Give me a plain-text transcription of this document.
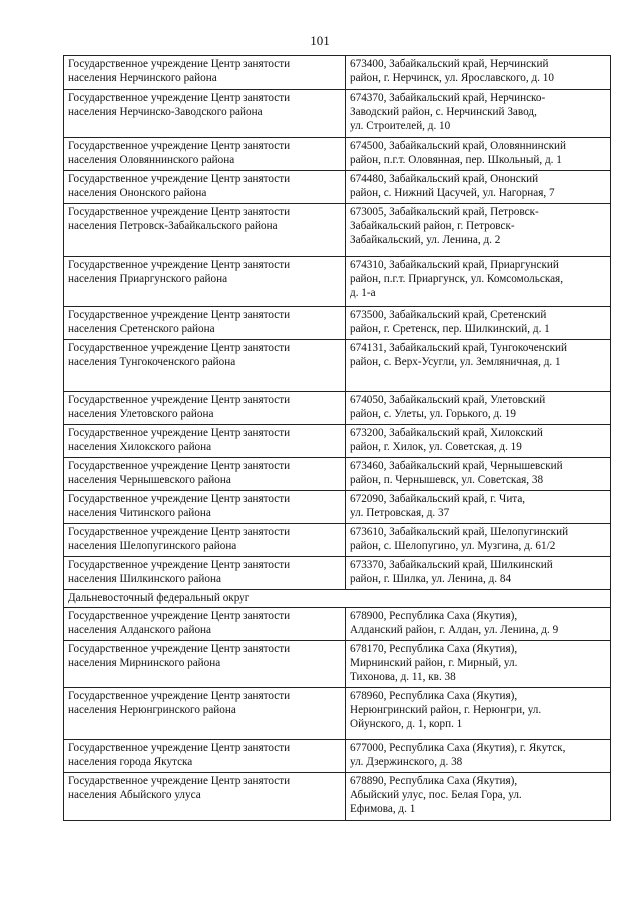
101
Государственное учреждение Центр занятости
населения Нерчинского района	673400, Забайкальский край, Нерчинский
район, г. Нерчинск, ул. Ярославского, д. 10

Государственное учреждение Центр занятости
населения Нерчинско-Заводского района	674370, Забайкальский край, Нерчинско-
Заводский район, с. Нерчинский Завод,
ул. Строителей, д. 10

Государственное учреждение Центр занятости
населения Оловяннинского района	674500, Забайкальский край, Оловяннинский
район, п.г.т. Оловянная, пер. Школьный, д. 1

Государственное учреждение Центр занятости
населения Ононского района	674480, Забайкальский край, Ононский
район, с. Нижний Цасучей, ул. Нагорная, 7

Государственное учреждение Центр занятости
населения Петровск-Забайкальского района	673005, Забайкальский край, Петровск-
Забайкальский район, г. Петровск-
Забайкальский, ул. Ленина, д. 2

Государственное учреждение Центр занятости
населения Приаргунского района	674310, Забайкальский край, Приаргунский
район, п.г.т. Приаргунск, ул. Комсомольская,
д. 1-а

Государственное учреждение Центр занятости
населения Сретенского района	673500, Забайкальский край, Сретенский
район, г. Сретенск, пер. Шилкинский, д. 1

Государственное учреждение Центр занятости
населения Тунгокоченского района	674131, Забайкальский край, Тунгокоченский
район, с. Верх-Усугли, ул. Земляничная, д. 1

Государственное учреждение Центр занятости
населения Улетовского района	674050, Забайкальский край, Улетовский
район, с. Улеты, ул. Горького, д. 19

Государственное учреждение Центр занятости
населения Хилокского района	673200, Забайкальский край, Хилокский
район, г. Хилок, ул. Советская, д. 19

Государственное учреждение Центр занятости
населения Чернышевского района	673460, Забайкальский край, Чернышевский
район, п. Чернышевск, ул. Советская, 38

Государственное учреждение Центр занятости
населения Читинского района	672090, Забайкальский край, г. Чита,
ул. Петровская, д. 37

Государственное учреждение Центр занятости
населения Шелопугинского района	673610, Забайкальский край, Шелопугинский
район, с. Шелопугино, ул. Музгина, д. 61/2

Государственное учреждение Центр занятости
населения Шилкинского района	673370, Забайкальский край, Шилкинский
район, г. Шилка, ул. Ленина, д. 84

Дальневосточный федеральный округ	

Государственное учреждение Центр занятости
населения Алданского района	678900, Республика Саха (Якутия),
Алданский район, г. Алдан, ул. Ленина, д. 9

Государственное учреждение Центр занятости
населения Мирнинского района	678170, Республика Саха (Якутия),
Мирнинский район, г. Мирный, ул.
Тихонова, д. 11, кв. 38

Государственное учреждение Центр занятости
населения Нерюнгринского района	678960, Республика Саха (Якутия),
Нерюнгринский район, г. Нерюнгри, ул.
Ойунского, д. 1, корп. 1

Государственное учреждение Центр занятости
населения города Якутска	677000, Республика Саха (Якутия), г. Якутск,
ул. Дзержинского, д. 38

Государственное учреждение Центр занятости
населения Абыйского улуса	678890, Республика Саха (Якутия),
Абыйский улус, пос. Белая Гора, ул.
Ефимова, д. 1
